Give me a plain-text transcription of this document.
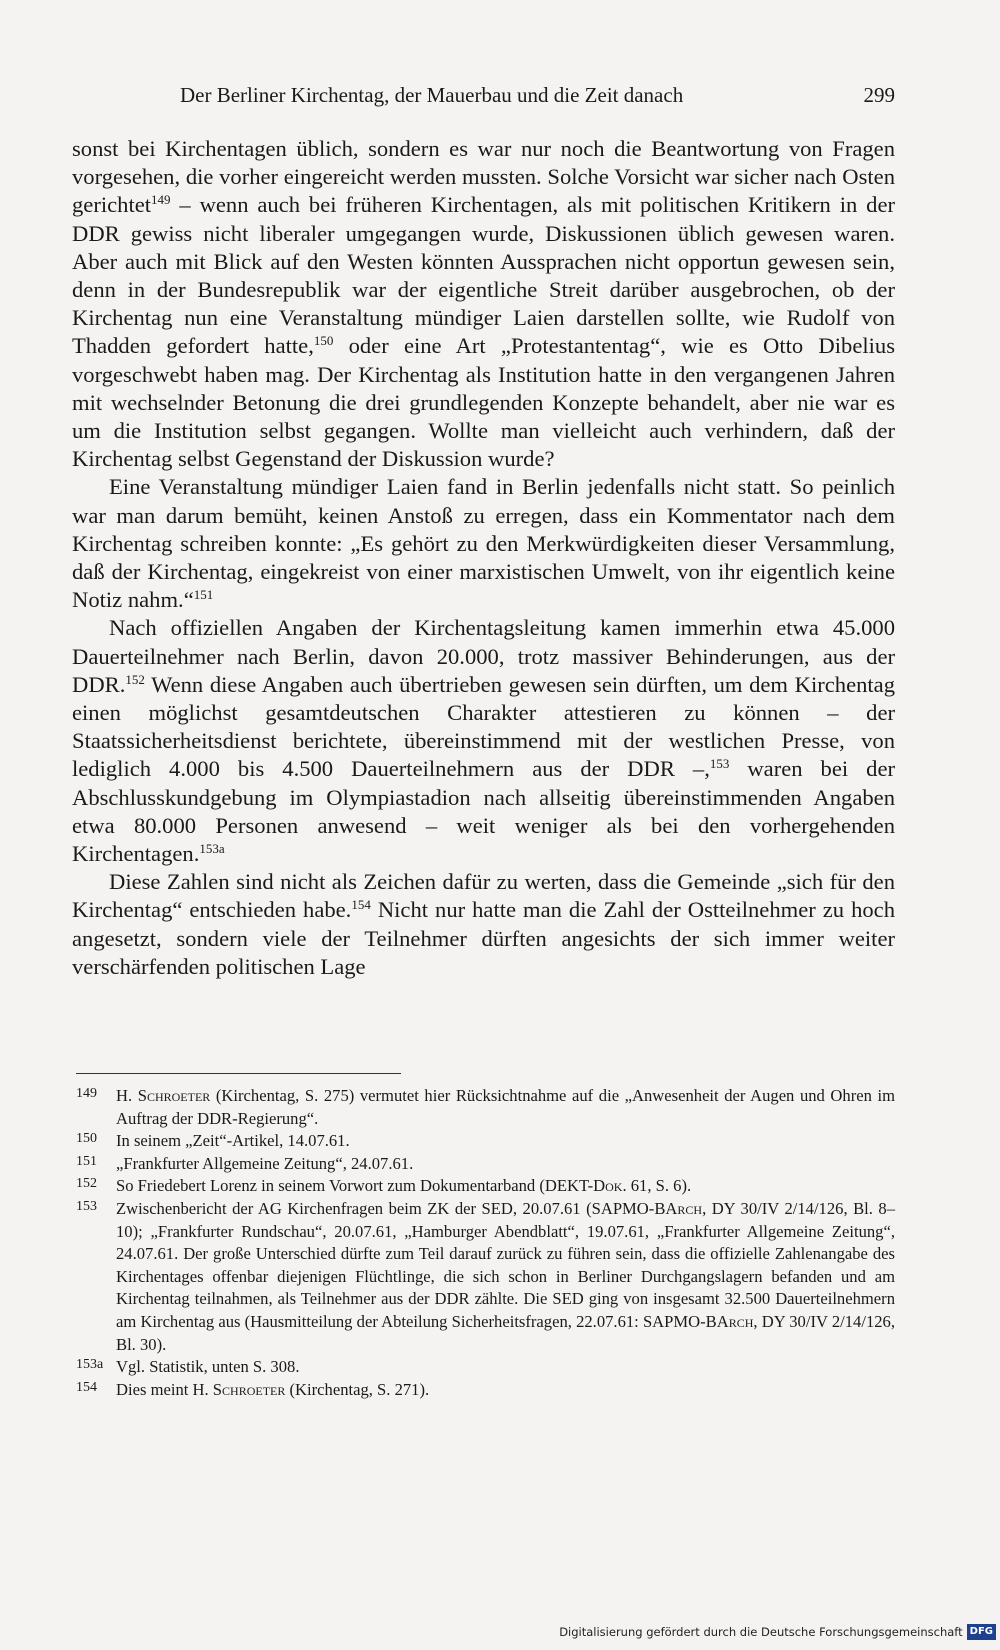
Der Berliner Kirchentag, der Mauerbau und die Zeit danach	299

sonst bei Kirchentagen üblich, sondern es war nur noch die Beantwortung von Fragen vorgesehen, die vorher eingereicht werden mussten. Solche Vorsicht war sicher nach Osten gerichtet$^{149}$ – wenn auch bei früheren Kirchentagen, als mit politischen Kritikern in der DDR gewiss nicht liberaler umgegangen wurde, Diskussionen üblich gewesen waren. Aber auch mit Blick auf den Westen könnten Aussprachen nicht opportun gewesen sein, denn in der Bundesrepublik war der eigentliche Streit darüber ausgebrochen, ob der Kirchentag nun eine Veranstaltung mündiger Laien darstellen sollte, wie Rudolf von Thadden gefordert hatte,$^{150}$ oder eine Art „Protestantentag“, wie es Otto Dibelius vorgeschwebt haben mag. Der Kirchentag als Institution hatte in den vergangenen Jahren mit wechselnder Betonung die drei grundlegenden Konzepte behandelt, aber nie war es um die Institution selbst gegangen. Wollte man vielleicht auch verhindern, daß der Kirchentag selbst Gegenstand der Diskussion wurde?

Eine Veranstaltung mündiger Laien fand in Berlin jedenfalls nicht statt. So peinlich war man darum bemüht, keinen Anstoß zu erregen, dass ein Kommentator nach dem Kirchentag schreiben konnte: „Es gehört zu den Merkwürdigkeiten dieser Versammlung, daß der Kirchentag, eingekreist von einer marxistischen Umwelt, von ihr eigentlich keine Notiz nahm.“$^{151}$

Nach offiziellen Angaben der Kirchentagsleitung kamen immerhin etwa 45.000 Dauerteilnehmer nach Berlin, davon 20.000, trotz massiver Behinderungen, aus der DDR.$^{152}$ Wenn diese Angaben auch übertrieben gewesen sein dürften, um dem Kirchentag einen möglichst gesamtdeutschen Charakter attestieren zu können – der Staatssicherheitsdienst berichtete, übereinstimmend mit der westlichen Presse, von lediglich 4.000 bis 4.500 Dauerteilnehmern aus der DDR –,$^{153}$ waren bei der Abschlusskundgebung im Olympiastadion nach allseitig übereinstimmenden Angaben etwa 80.000 Personen anwesend – weit weniger als bei den vorhergehenden Kirchentagen.$^{153a}$

Diese Zahlen sind nicht als Zeichen dafür zu werten, dass die Gemeinde „sich für den Kirchentag“ entschieden habe.$^{154}$ Nicht nur hatte man die Zahl der Ostteilnehmer zu hoch angesetzt, sondern viele der Teilnehmer dürften angesichts der sich immer weiter verschärfenden politischen Lage

149 H. Schroeter (Kirchentag, S. 275) vermutet hier Rücksichtnahme auf die „Anwesenheit der Augen und Ohren im Auftrag der DDR-Regierung“.
150 In seinem „Zeit“-Artikel, 14.07.61.
151 „Frankfurter Allgemeine Zeitung“, 24.07.61.
152 So Friedebert Lorenz in seinem Vorwort zum Dokumentarband (DEKT-Dok. 61, S. 6).
153 Zwischenbericht der AG Kirchenfragen beim ZK der SED, 20.07.61 (SAPMO-BArch, DY 30/IV 2/14/126, Bl. 8–10); „Frankfurter Rundschau“, 20.07.61, „Hamburger Abendblatt“, 19.07.61, „Frankfurter Allgemeine Zeitung“, 24.07.61. Der große Unterschied dürfte zum Teil darauf zurück zu führen sein, dass die offizielle Zahlenangabe des Kirchentages offenbar diejenigen Flüchtlinge, die sich schon in Berliner Durchgangslagern befanden und am Kirchentag teilnahmen, als Teilnehmer aus der DDR zählte. Die SED ging von insgesamt 32.500 Dauerteilnehmern am Kirchentag aus (Hausmitteilung der Abteilung Sicherheitsfragen, 22.07.61: SAPMO-BArch, DY 30/IV 2/14/126, Bl. 30).
153a Vgl. Statistik, unten S. 308.
154 Dies meint H. Schroeter (Kirchentag, S. 271).
Digitalisierung gefördert durch die Deutsche Forschungsgemeinschaft DFG
